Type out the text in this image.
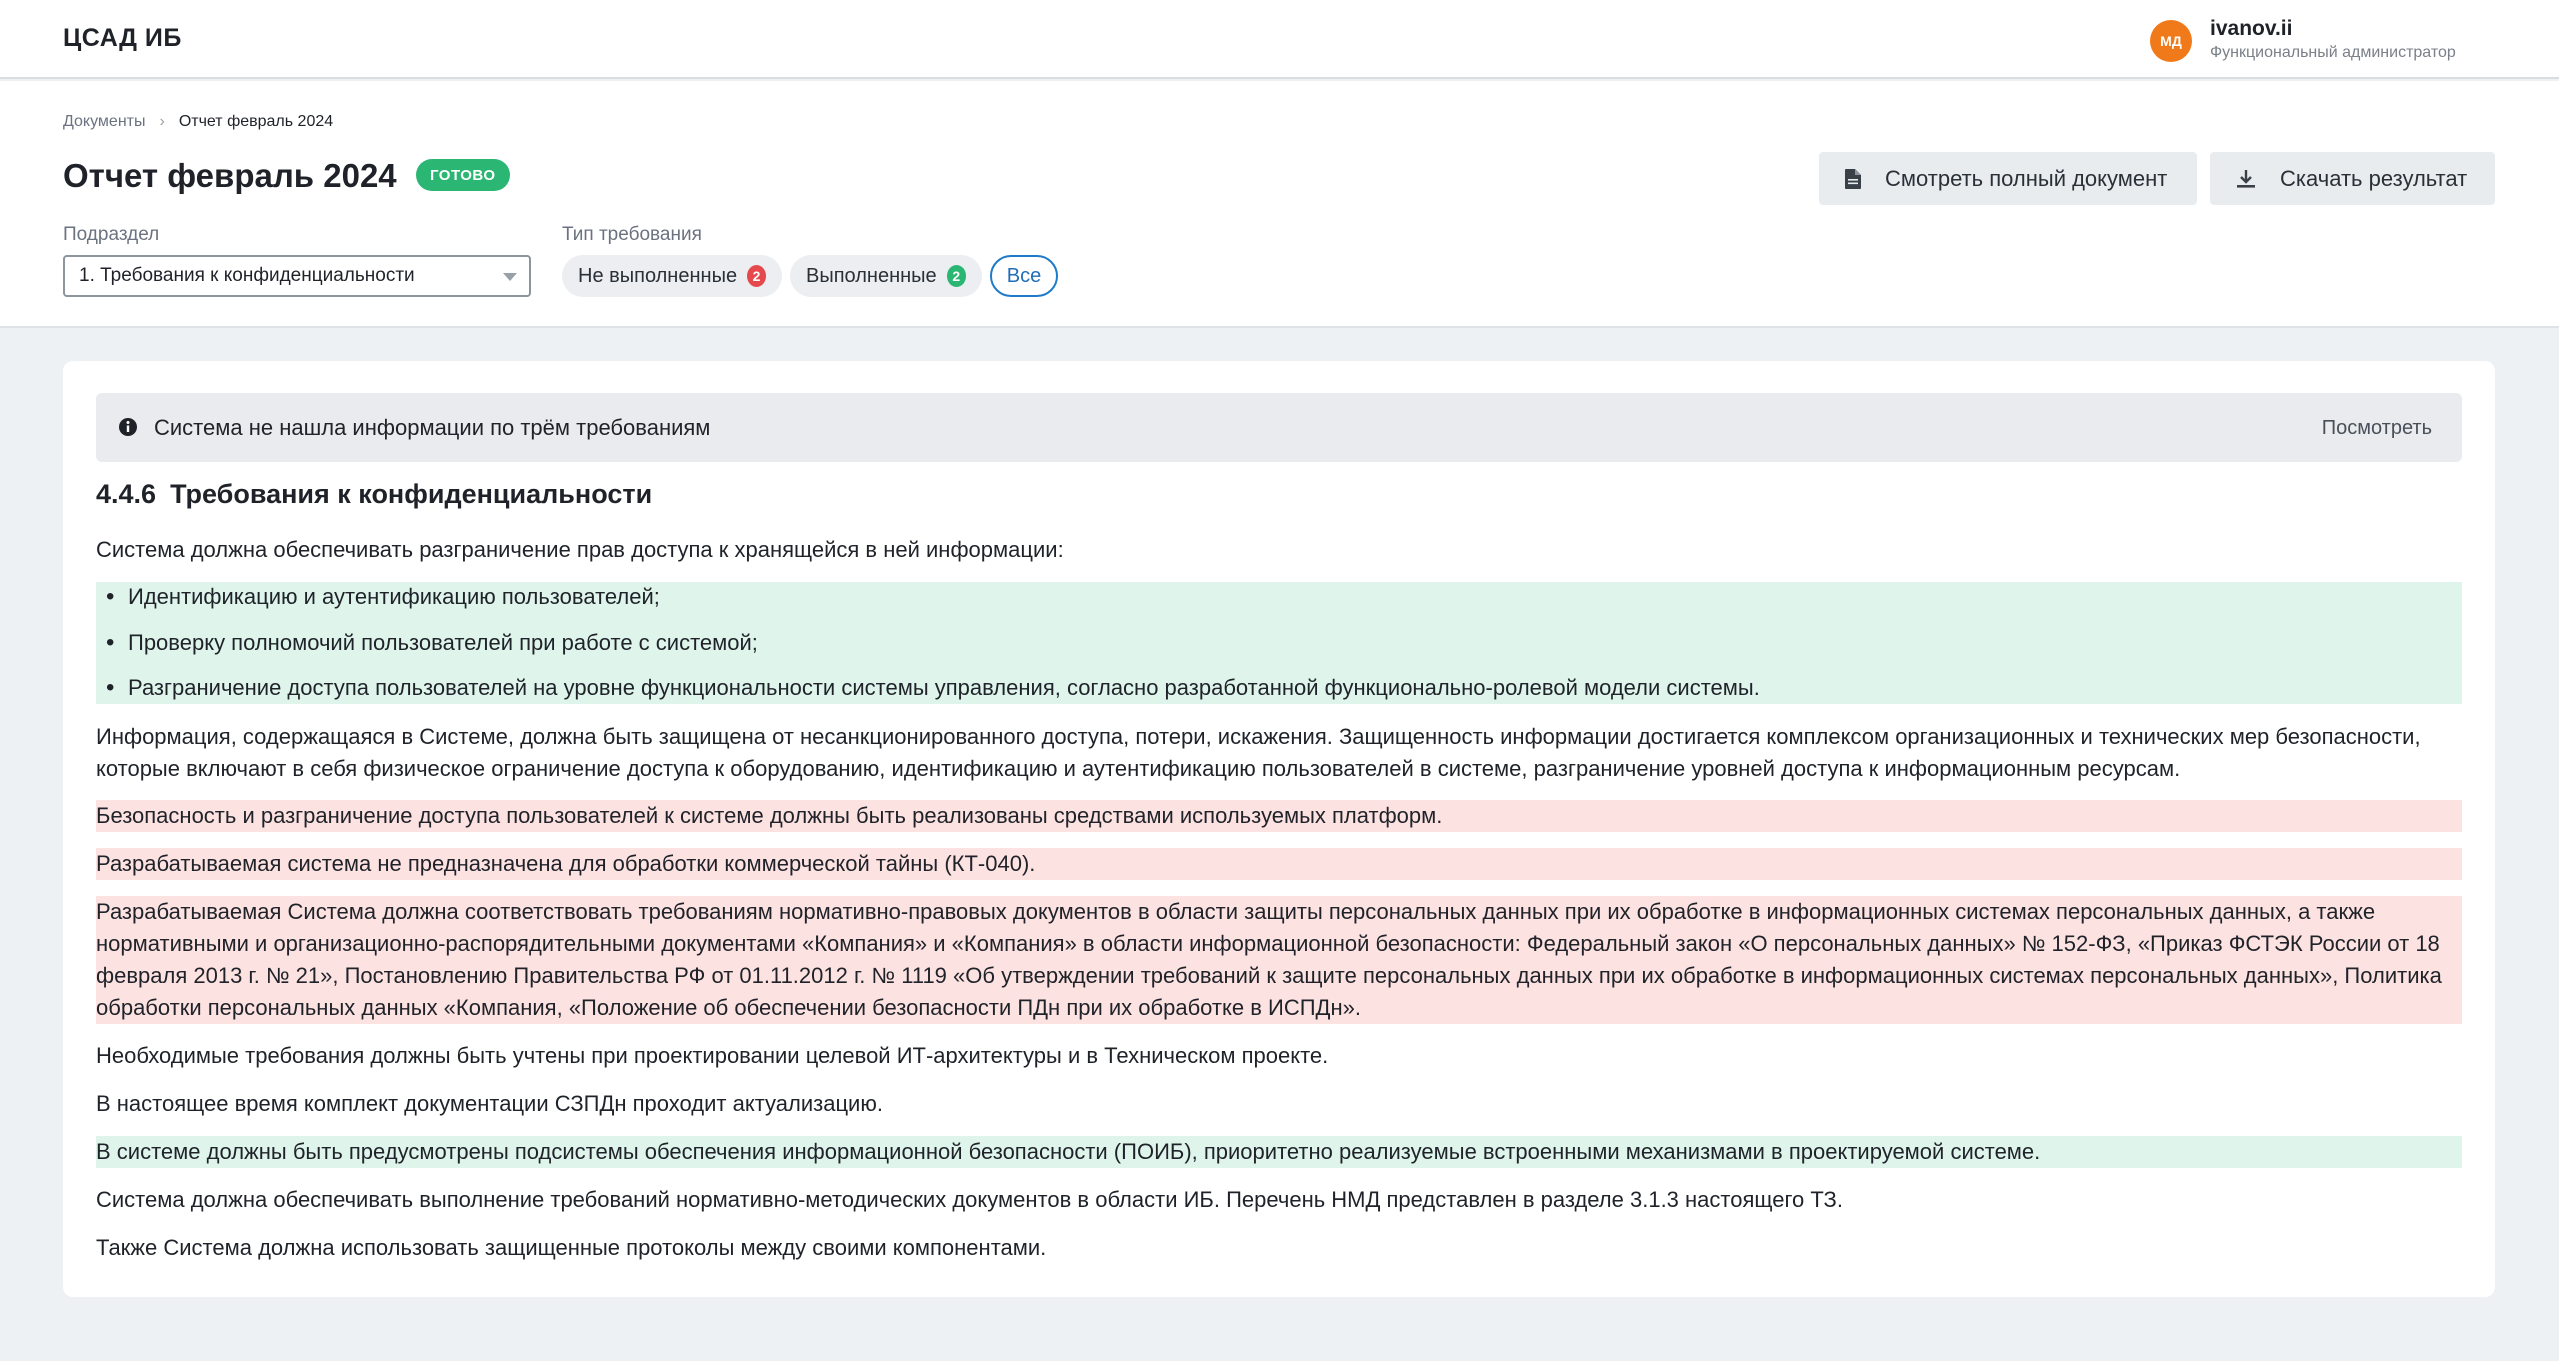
ЦСАД ИБ	МД
ivanov.ii
Функциональный администратор
Документы › Отчет февраль 2024
Отчет февраль 2024	ГОТОВО	Смотреть полный документ	Скачать результат
Подраздел
1. Требования к конфиденциальности
Тип требования
Не выполненные	2 Выполненные	2 Все
Система не нашла информации по трём требованиям	Посмотреть
4.4.6 Требования к конфиденциальности
Система должна обеспечивать разграничение прав доступа к хранящейся в ней информации:
• Идентификацию и аутентификацию пользователей;
• Проверку полномочий пользователей при работе с системой;
• Разграничение доступа пользователей на уровне функциональности системы управления, согласно разработанной функционально-ролевой модели системы.
Информация, содержащаяся в Системе, должна быть защищена от несанкционированного доступа, потери, искажения. Защищенность информации достигается комплексом организационных и технических мер безопасности, которые включают в себя физическое ограничение доступа к оборудованию, идентификацию и аутентификацию пользователей в системе, разграничение уровней доступа к информационным ресурсам.
Безопасность и разграничение доступа пользователей к системе должны быть реализованы средствами используемых платформ.
Разрабатываемая система не предназначена для обработки коммерческой тайны (КТ-040).
Разрабатываемая Система должна соответствовать требованиям нормативно-правовых документов в области защиты персональных данных при их обработке в информационных системах персональных данных, а также нормативными и организационно-распорядительными документами «Компания» и «Компания» в области информационной безопасности: Федеральный закон «О персональных данных» № 152-ФЗ, «Приказ ФСТЭК России от 18 февраля 2013 г. № 21», Постановлению Правительства РФ от 01.11.2012 г. № 1119 «Об утверждении требований к защите персональных данных при их обработке в информационных системах персональных данных», Политика обработки персональных данных «Компания, «Положение об обеспечении безопасности ПДн при их обработке в ИСПДн».
Необходимые требования должны быть учтены при проектировании целевой ИТ-архитектуры и в Техническом проекте.
В настоящее время комплект документации СЗПДн проходит актуализацию.
В системе должны быть предусмотрены подсистемы обеспечения информационной безопасности (ПОИБ), приоритетно реализуемые встроенными механизмами в проектируемой системе.
Система должна обеспечивать выполнение требований нормативно-методических документов в области ИБ. Перечень НМД представлен в разделе 3.1.3 настоящего ТЗ.
Также Система должна использовать защищенные протоколы между своими компонентами.
